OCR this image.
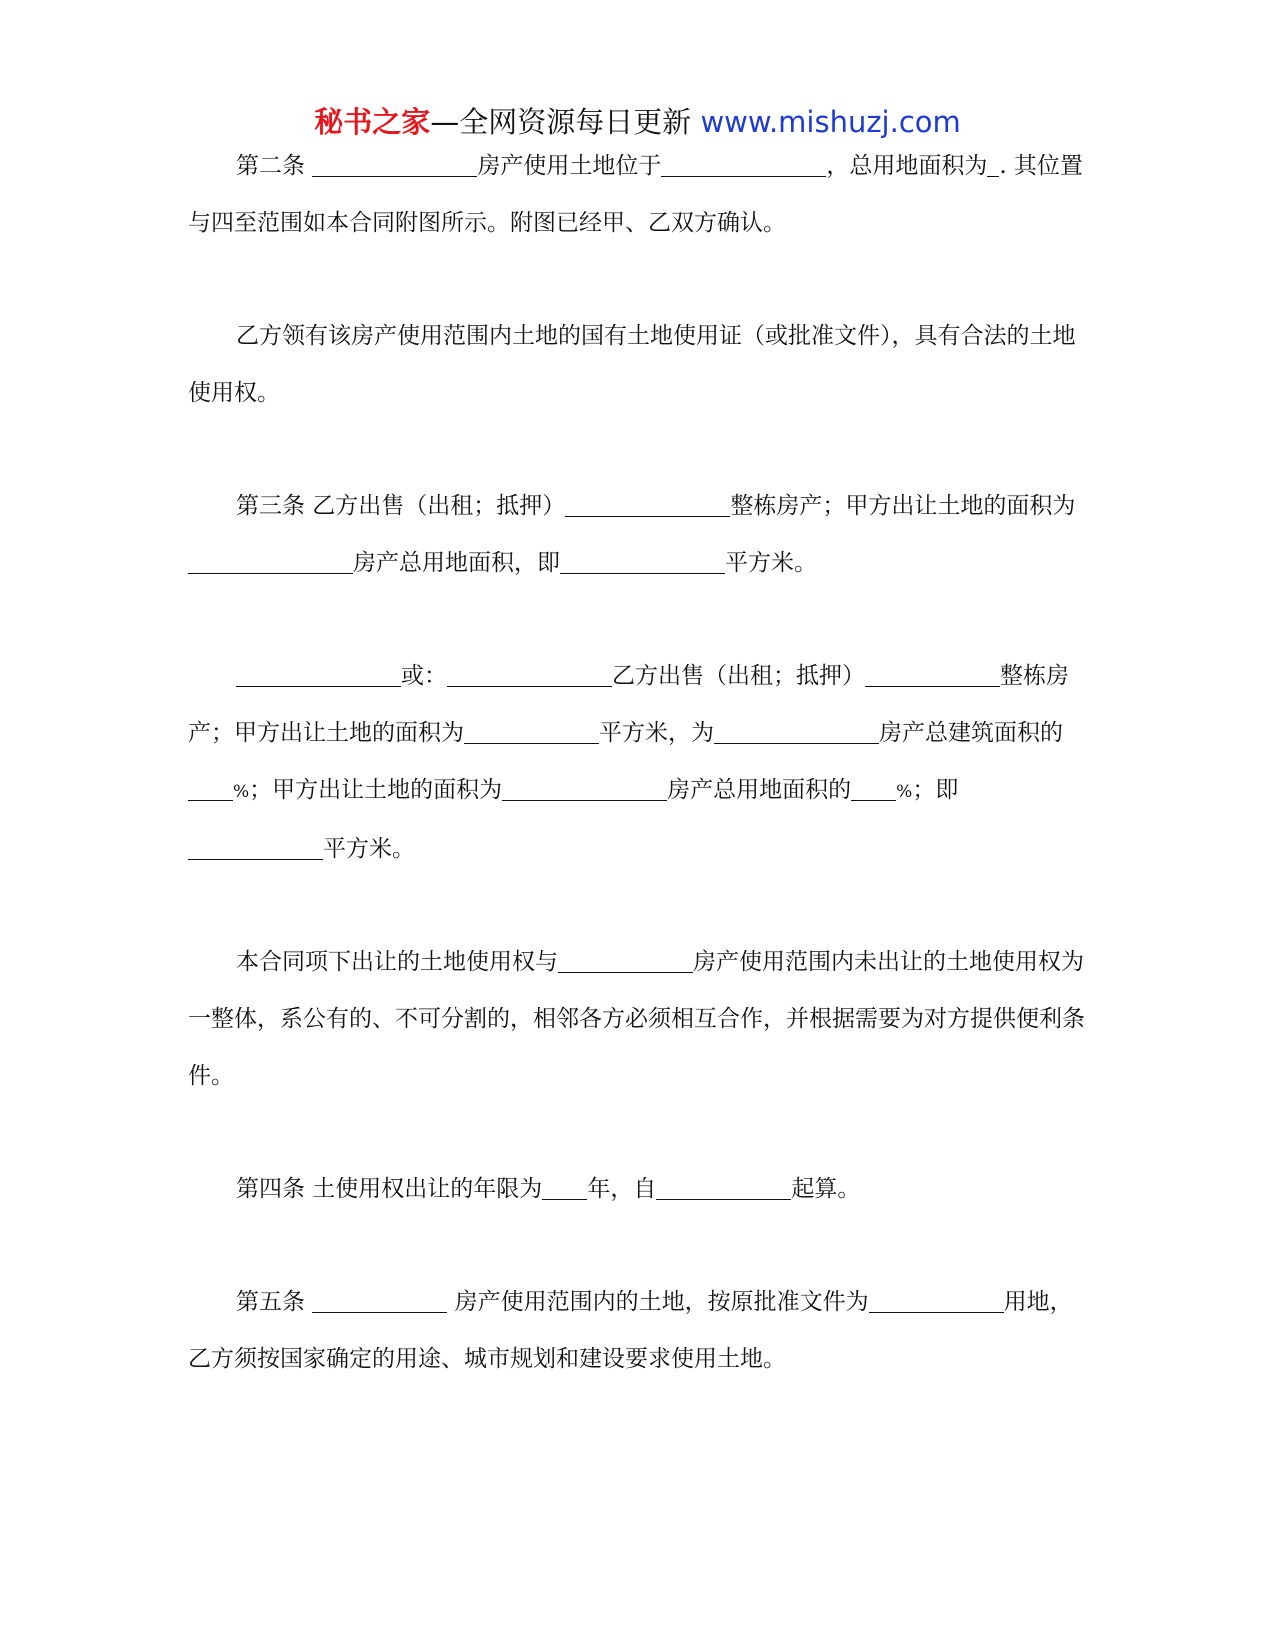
秘书之家—全网资源每日更新 www.mishuzj.com

第二条	房产使用土地位于	，总用地面积为 . 其位置与四至范围如本合同附图所示。附图已经甲、乙双方确认。

乙方领有该房产使用范围内土地的国有土地使用证（或批准文件），具有合法的土地使用权。

第三条 乙方出售（出租；抵押）	整栋房产；甲方出让土地的面积为房产总用地面积，即	平方米。

或：	乙方出售（出租；抵押）	整栋房产；甲方出让土地的面积为	平方米，为	房产总建筑面积的%；甲方出让土地的面积为	房产总用地面积的	%；即平方米。

本合同项下出让的土地使用权与	房产使用范围内未出让的土地使用权为一整体，系公有的、不可分割的，相邻各方必须相互合作，并根据需要为对方提供便利条件。

第四条 土使用权出让的年限为 年，自	起算。

第五条	房产使用范围内的土地，按原批准文件为	用地，乙方须按国家确定的用途、城市规划和建设要求使用土地。
